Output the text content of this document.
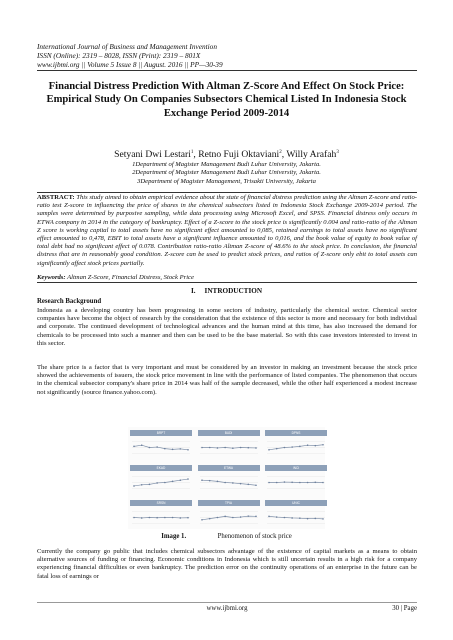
International Journal of Business and Management Invention
ISSN (Online): 2319 – 8028, ISSN (Print): 2319 – 801X
www.ijbmi.org || Volume 5 Issue 8 || August. 2016 || PP—30-39
Financial Distress Prediction With Altman Z-Score And Effect On Stock Price: Empirical Study On Companies Subsectors Chemical Listed In Indonesia Stock Exchange Period 2009-2014
Setyani Dwi Lestari$^1$, Retno Fuji Oktaviani$^2$, Willy Arafah$^3$
1Department of Magister Management Budi Luhur University, Jakarta.
2Department of Magister Management Budi Luhur University, Jakarta.
3Department of Magister Management, Trisakti University, Jakarta
ABSTRACT: This study aimed to obtain empirical evidence about the state of financial distress prediction using the Altman Z-score and ratio-ratio test Z-score in influencing the price of shares in the chemical subsectors listed in Indonesia Stock Exchange 2009-2014 period. The samples were determined by purposive sampling, while data processing using Microsoft Excel, and SPSS. Financial distress only occurs in ETWA company in 2014 in the category of bankruptcy. Effect of a Z-score to the stock price is significantly 0.004 and ratio-ratio of the Altman Z score is working capital to total assets have no significant effect amounted to 0,085, retained earnings to total assets have no significant effect amounted to 0,478, EBIT to total assets have a significant influence amounted to 0,016, and the book value of equity to book value of total debt had no significant effect of 0.078. Contribution ratio-ratio Altman Z-score of 48.6% to the stock price. In conclusion, the financial distress that are in reasonably good condition. Z-score can be used to predict stock prices, and ratios of Z-score only ebit to total assets can significantly affect stock prices partially.
Keywords: Altman Z-Score, Financial Distress, Stock Price
I.     INTRODUCTION
Research Background
Indonesia as a developing country has been progressing in some sectors of industry, particularly the chemical sector. Chemical sector companies have become the object of research by the consideration that the existence of this sector is more and necessary for both individual and corporate. The continued development of technological advances and the human mind at this time, has also increased the demand for chemicals to be processed into such a manner and then can be used to be the base material. So with this case investors interested to invest in this sector.
The share price is a factor that is very important and must be considered by an investor in making an investment because the stock price showed the achievements of issuers, the stock price movement in line with the performance of listed companies. The phenomenon that occurs in the chemical subsector company's share price in 2014 was half of the sample decreased, while the other half experienced a modest increase not significantly (source finance.yahoo.com).
BRPT	BUDI	DPNS
EKAD	ETWA	INCI
SRSN	TPIA	UNIC
Image 1.	Phenomenon of stock price
Currently the company go public that includes chemical subsectors advantage of the existence of capital markets as a means to obtain alternative sources of funding or financing. Economic conditions in Indonesia which is still uncertain results in a high risk for a company experiencing financial difficulties or even bankruptcy. The prediction error on the continuity operations of an enterprise in the future can be fatal loss of earnings or
www.ijbmi.org	30 | Page
